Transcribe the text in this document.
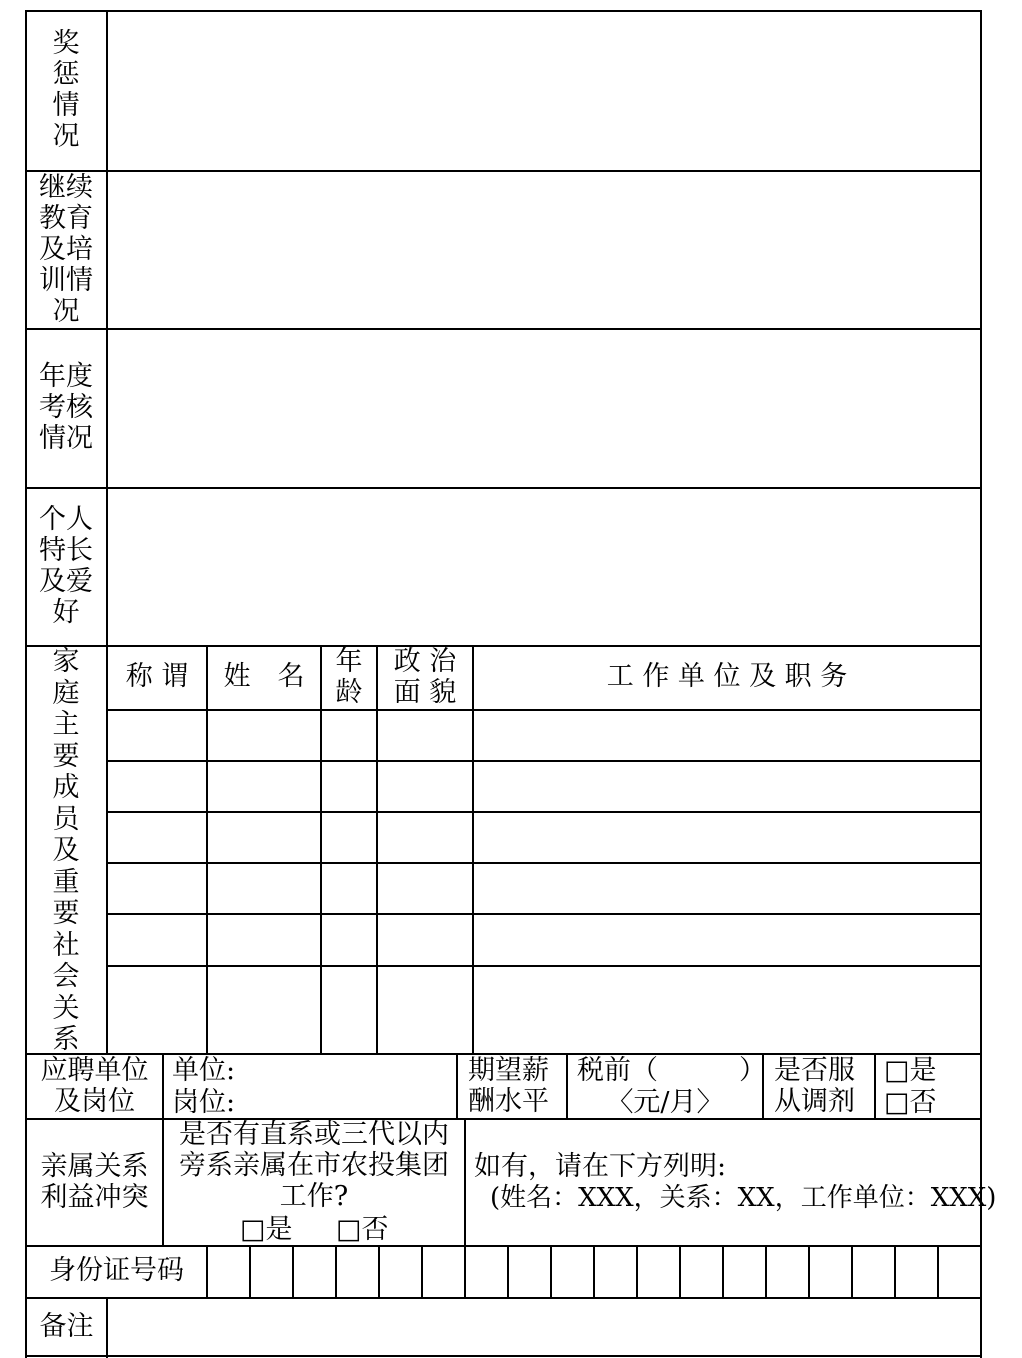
奖惩情况
继续教育及培训情况
年度考核情况
个人特长及爱好
家庭主要成员及重要社会关系
称 谓	姓　名	年龄
政 治 面 貌
工 作 单 位 及 职 务
应聘单位及岗位
单位:
岗位:
期望薪酬水平
税前（　　　）
〈元/月〉
是否服从调剂
□是
□否
亲属关系利益冲突
是否有直系或三代以内旁系亲属在市农投集团工作?
□是 □否
如有，请在下方列明:
(姓名：XXX，关系：XX，工作单位：XXX)
身份证号码
备注
